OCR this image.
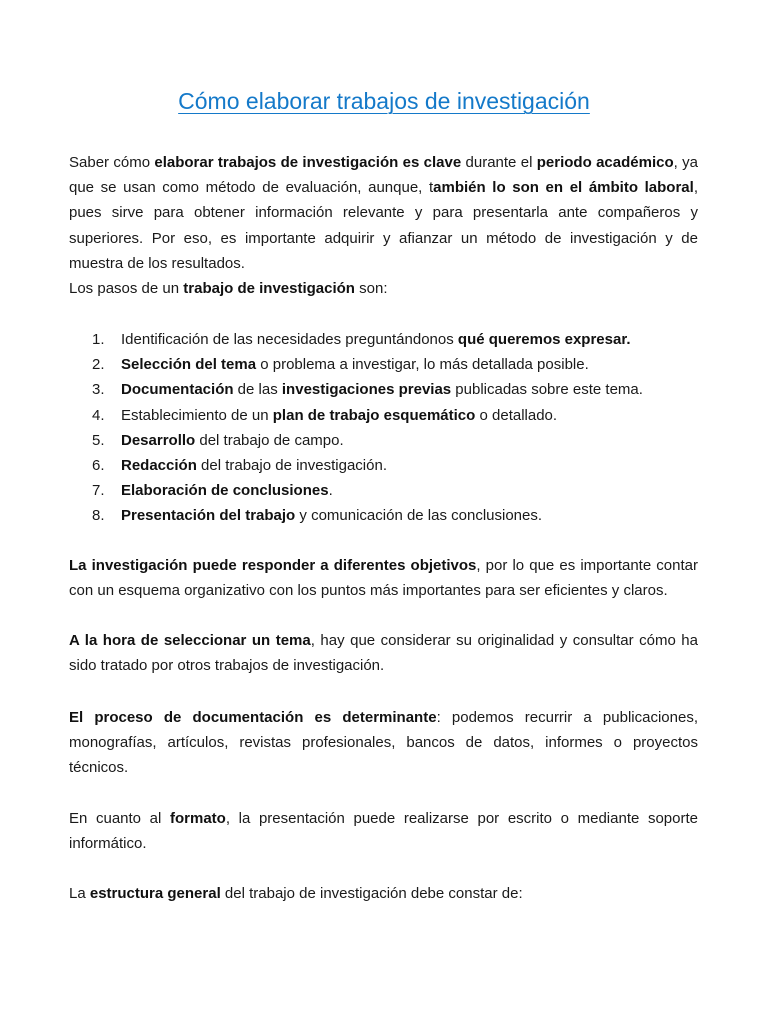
Cómo elaborar trabajos de investigación

Saber cómo elaborar trabajos de investigación es clave durante el periodo académico, ya que se usan como método de evaluación, aunque, también lo son en el ámbito laboral, pues sirve para obtener información relevante y para presentarla ante compañeros y superiores. Por eso, es importante adquirir y afianzar un método de investigación y de muestra de los resultados.

Los pasos de un trabajo de investigación son:

1. Identificación de las necesidades preguntándonos qué queremos expresar.
2. Selección del tema o problema a investigar, lo más detallada posible.
3. Documentación de las investigaciones previas publicadas sobre este tema.
4. Establecimiento de un plan de trabajo esquemático o detallado.
5. Desarrollo del trabajo de campo.
6. Redacción del trabajo de investigación.
7. Elaboración de conclusiones.
8. Presentación del trabajo y comunicación de las conclusiones.

La investigación puede responder a diferentes objetivos, por lo que es importante contar con un esquema organizativo con los puntos más importantes para ser eficientes y claros.

A la hora de seleccionar un tema, hay que considerar su originalidad y consultar cómo ha sido tratado por otros trabajos de investigación.

El proceso de documentación es determinante: podemos recurrir a publicaciones, monografías, artículos, revistas profesionales, bancos de datos, informes o proyectos técnicos.

En cuanto al formato, la presentación puede realizarse por escrito o mediante soporte informático.

La estructura general del trabajo de investigación debe constar de:
